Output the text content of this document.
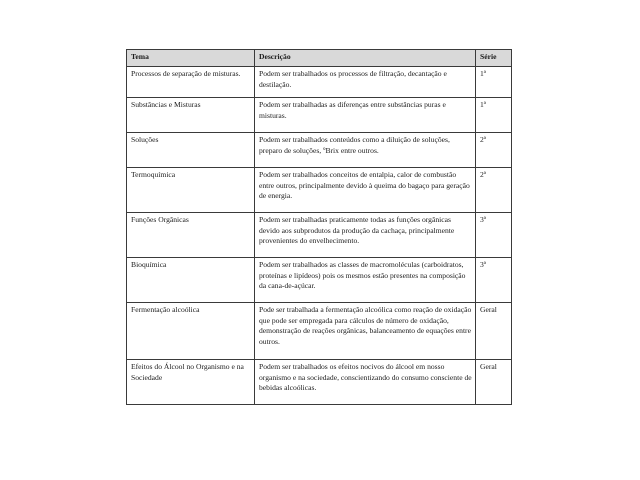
Tema	Descrição	Série
Processos de separação de misturas.	Podem ser trabalhados os processos de filtração, decantação e destilação.	1ª
Substâncias e Misturas	Podem ser trabalhadas as diferenças entre substâncias puras e misturas.	1ª
Soluções	Podem ser trabalhados conteúdos como a diluição de soluções, preparo de soluções, ºBrix entre outros.	2ª
Termoquímica	Podem ser trabalhados conceitos de entalpia, calor de combustão entre outros, principalmente devido à queima do bagaço para geração de energia.	2ª
Funções Orgânicas	Podem ser trabalhadas praticamente todas as funções orgânicas devido aos subprodutos da produção da cachaça, principalmente provenientes do envelhecimento.	3ª
Bioquímica	Podem ser trabalhados as classes de macromoléculas (carboidratos, proteínas e lipídeos) pois os mesmos estão presentes na composição da cana-de-açúcar.	3ª
Fermentação alcoólica	Pode ser trabalhada a fermentação alcoólica como reação de oxidação que pode ser empregada para cálculos de número de oxidação, demonstração de reações orgânicas, balanceamento de equações entre outros.	Geral
Efeitos do Álcool no Organismo e na Sociedade	Podem ser trabalhados os efeitos nocivos do álcool em nosso organismo e na sociedade, conscientizando do consumo consciente de bebidas alcoólicas.	Geral
